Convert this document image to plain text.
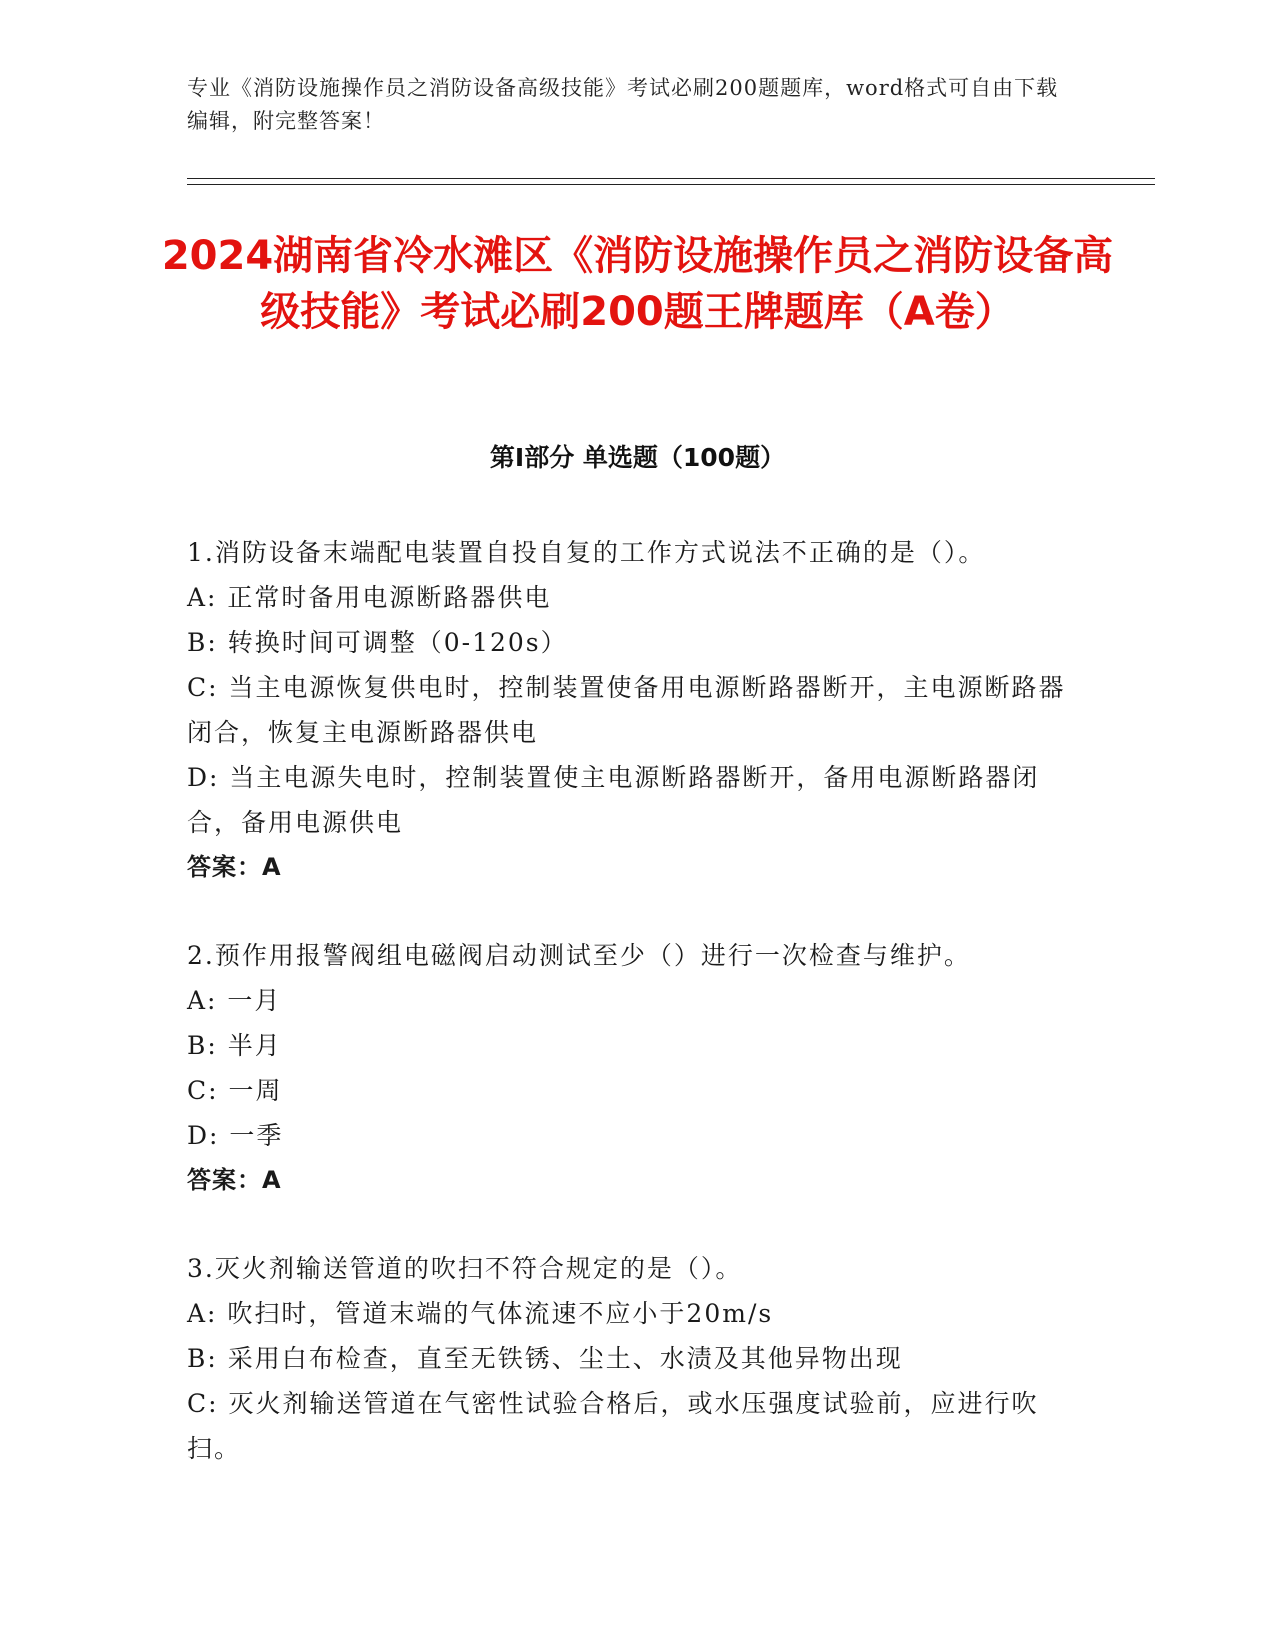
专业《消防设施操作员之消防设备高级技能》考试必刷200题题库，word格式可自由下载编辑，附完整答案！
2024湖南省冷水滩区《消防设施操作员之消防设备高级技能》考试必刷200题王牌题库（A卷）
第I部分 单选题（100题）

1.消防设备末端配电装置自投自复的工作方式说法不正确的是（）。

A: 正常时备用电源断路器供电

B: 转换时间可调整（0-120s）

C: 当主电源恢复供电时，控制装置使备用电源断路器断开，主电源断路器闭合，恢复主电源断路器供电

D: 当主电源失电时，控制装置使主电源断路器断开，备用电源断路器闭合，备用电源供电

答案：A

2.预作用报警阀组电磁阀启动测试至少（）进行一次检查与维护。

A: 一月

B: 半月

C: 一周

D: 一季

答案：A

3.灭火剂输送管道的吹扫不符合规定的是（）。

A: 吹扫时，管道末端的气体流速不应小于20m/s

B: 采用白布检查，直至无铁锈、尘土、水渍及其他异物出现

C: 灭火剂输送管道在气密性试验合格后，或水压强度试验前，应进行吹扫。
